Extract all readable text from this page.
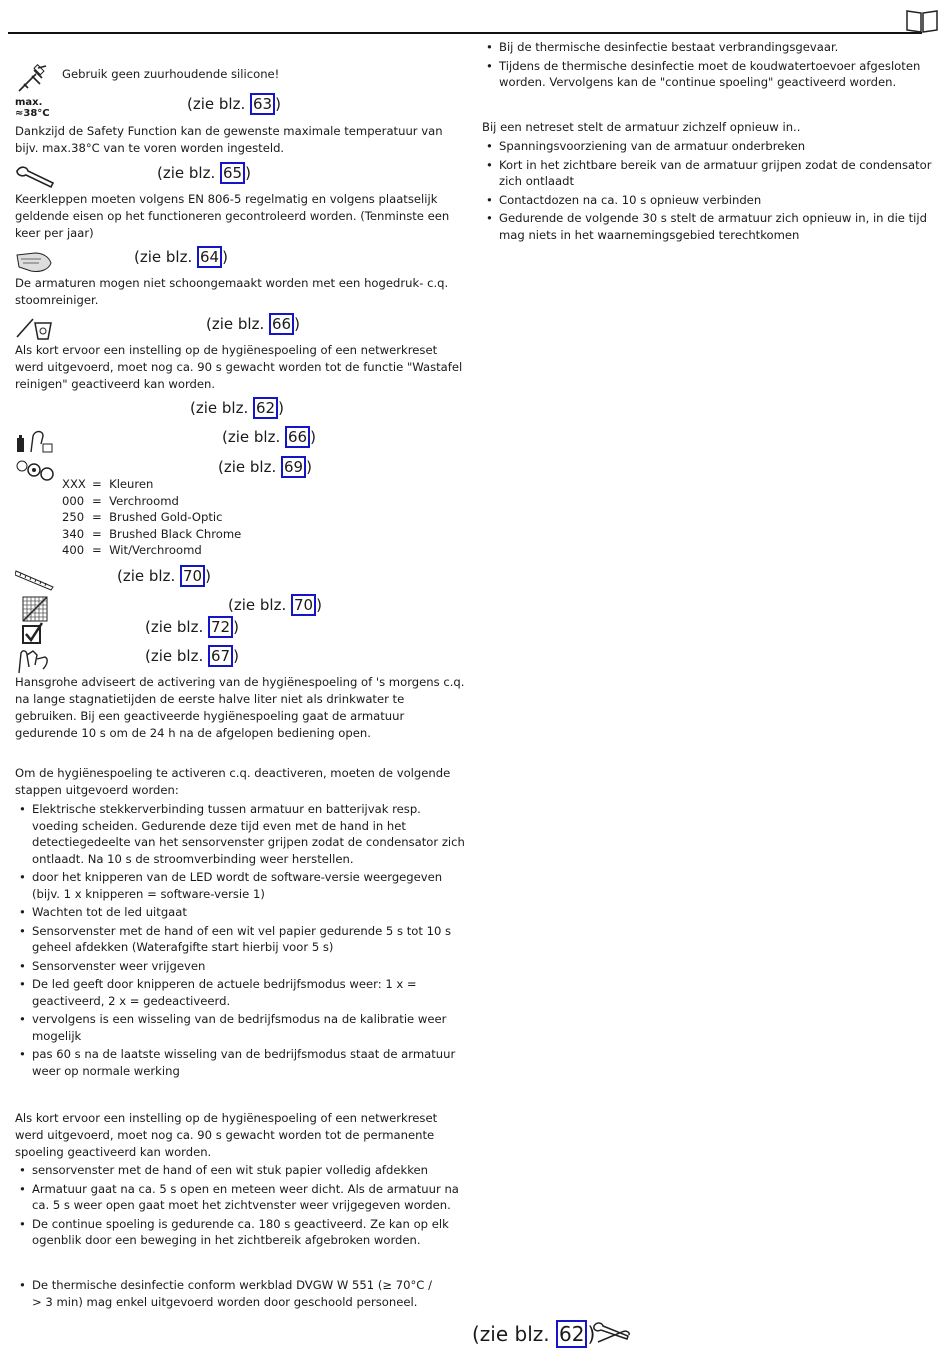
Gebruik geen zuurhoudende silicone!
max.
≈38°C
(zie blz. 63 )
Dankzijd de Safety Function kan de gewenste maximale temperatuur van bijv. max.38°C van te voren worden ingesteld.
(zie blz. 65 )
Keerkleppen moeten volgens EN 806-5 regelmatig en volgens plaatselijk geldende eisen op het functioneren gecontroleerd worden. (Tenminste een keer per jaar)
(zie blz. 64 )
De armaturen mogen niet schoongemaakt worden met een hogedruk- c.q. stoomreiniger.
(zie blz. 66 )
Als kort ervoor een instelling op de hygiënespoeling of een netwerkreset werd uitgevoerd, moet nog ca. 90 s gewacht worden tot de functie "Wastafel reinigen" geactiveerd kan worden.
(zie blz. 62 )
(zie blz. 66 )
(zie blz. 69 )
XXX = Kleuren
000 = Verchroomd
250 = Brushed Gold-Optic
340 = Brushed Black Chrome
400 = Wit/Verchroomd
(zie blz. 70 )
(zie blz. 70 )
(zie blz. 72 )
(zie blz. 67 )
Hansgrohe adviseert de activering van de hygiënespoeling of 's morgens c.q. na lange stagnatietijden de eerste halve liter niet als drinkwater te gebruiken. Bij een geactiveerde hygiënespoeling gaat de armatuur gedurende 10 s om de 24 h na de afgelopen bediening open.
Om de hygiënespoeling te activeren c.q. deactiveren, moeten de volgende stappen uitgevoerd worden:
• Elektrische stekkerverbinding tussen armatuur en batterijvak resp. voeding scheiden. Gedurende deze tijd even met de hand in het detectiegedeelte van het sensorvenster grijpen zodat de condensator zich ontlaadt. Na 10 s de stroomverbinding weer herstellen.
• door het knipperen van de LED wordt de software-versie weergegeven (bijv. 1 x knipperen = software-versie 1)
• Wachten tot de led uitgaat
• Sensorvenster met de hand of een wit vel papier gedurende 5 s tot 10 s geheel afdekken (Waterafgifte start hierbij voor 5 s)
• Sensorvenster weer vrijgeven
• De led geeft door knipperen de actuele bedrijfsmodus weer: 1 x = geactiveerd, 2 x = gedeactiveerd.
• vervolgens is een wisseling van de bedrijfsmodus na de kalibratie weer mogelijk
• pas 60 s na de laatste wisseling van de bedrijfsmodus staat de armatuur weer op normale werking
Als kort ervoor een instelling op de hygiënespoeling of een netwerkreset werd uitgevoerd, moet nog ca. 90 s gewacht worden tot de permanente spoeling geactiveerd kan worden.
• sensorvenster met de hand of een wit stuk papier volledig afdekken
• Armatuur gaat na ca. 5 s open en meteen weer dicht. Als de armatuur na ca. 5 s weer open gaat moet het zichtvenster weer vrijgegeven worden.
• De continue spoeling is gedurende ca. 180 s geactiveerd. Ze kan op elk ogenblik door een beweging in het zichtbereik afgebroken worden.
• De thermische desinfectie conform werkblad DVGW W 551 (≥ 70°C / > 3 min) mag enkel uitgevoerd worden door geschoold personeel.
• Bij de thermische desinfectie bestaat verbrandingsgevaar.
• Tijdens de thermische desinfectie moet de koudwatertoevoer afgesloten worden. Vervolgens kan de "continue spoeling" geactiveerd worden.
Bij een netreset stelt de armatuur zichzelf opnieuw in..
• Spanningsvoorziening van de armatuur onderbreken
• Kort in het zichtbare bereik van de armatuur grijpen zodat de condensator zich ontlaadt
• Contactdozen na ca. 10 s opnieuw verbinden
• Gedurende de volgende 30 s stelt de armatuur zich opnieuw in, in die tijd mag niets in het waarnemingsgebied terechtkomen
(zie blz. 62 )
